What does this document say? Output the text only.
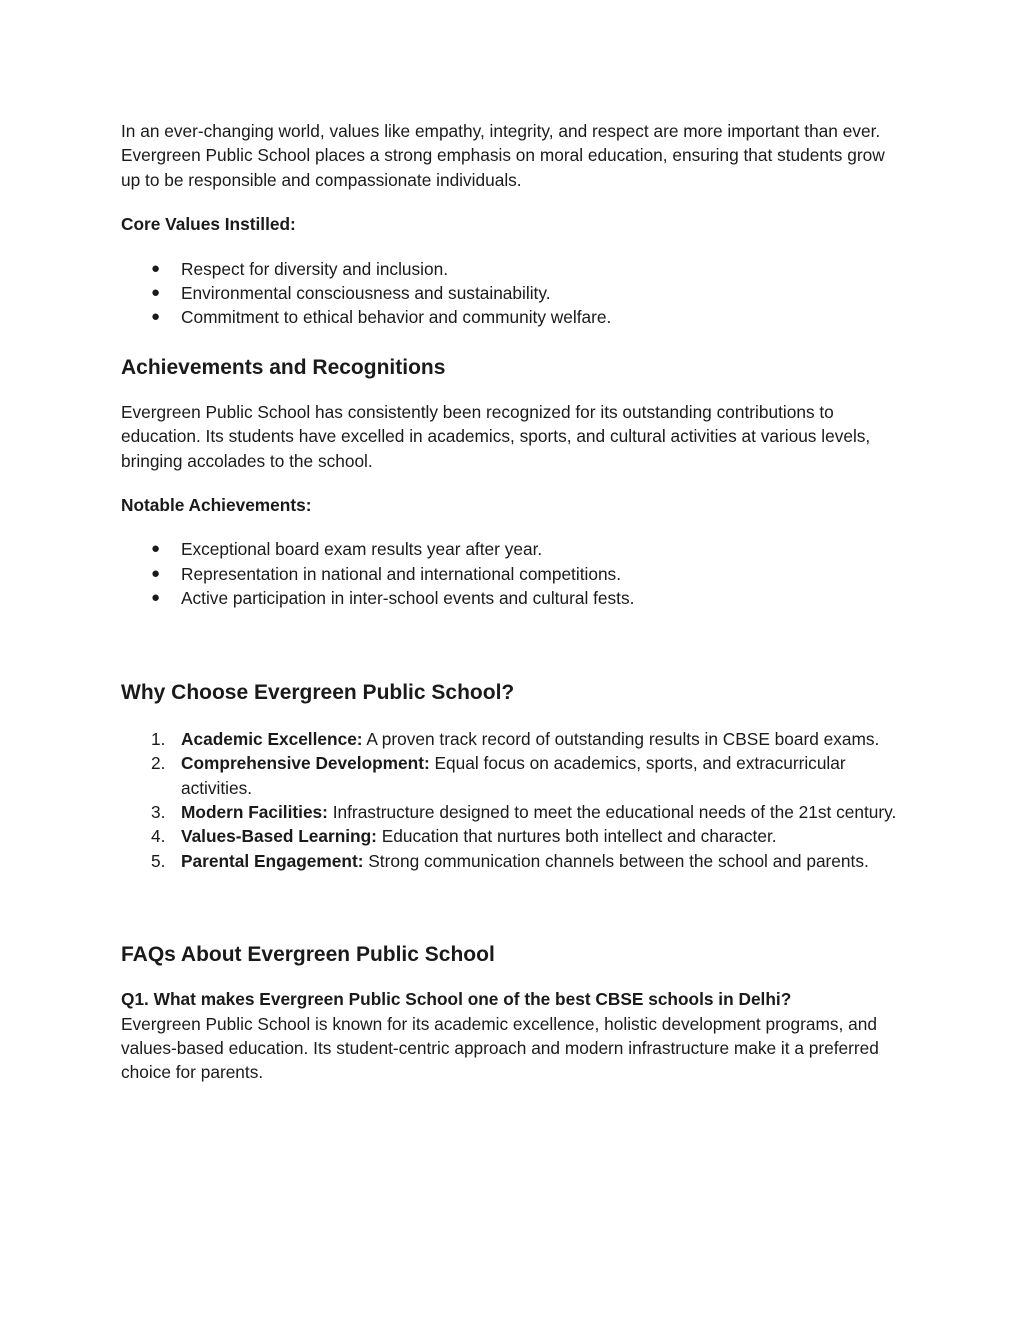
In an ever-changing world, values like empathy, integrity, and respect are more important than ever. Evergreen Public School places a strong emphasis on moral education, ensuring that students grow up to be responsible and compassionate individuals.

Core Values Instilled:

● Respect for diversity and inclusion.
● Environmental consciousness and sustainability.
● Commitment to ethical behavior and community welfare.
Achievements and Recognitions

Evergreen Public School has consistently been recognized for its outstanding contributions to education. Its students have excelled in academics, sports, and cultural activities at various levels, bringing accolades to the school.

Notable Achievements:

● Exceptional board exam results year after year.
● Representation in national and international competitions.
● Active participation in inter-school events and cultural fests.
Why Choose Evergreen Public School?
1. Academic Excellence: A proven track record of outstanding results in CBSE board exams.
2. Comprehensive Development: Equal focus on academics, sports, and extracurricular activities.
3. Modern Facilities: Infrastructure designed to meet the educational needs of the 21st century.
4. Values-Based Learning: Education that nurtures both intellect and character.
5. Parental Engagement: Strong communication channels between the school and parents.
FAQs About Evergreen Public School

Q1. What makes Evergreen Public School one of the best CBSE schools in Delhi?

Evergreen Public School is known for its academic excellence, holistic development programs, and values-based education. Its student-centric approach and modern infrastructure make it a preferred choice for parents.
